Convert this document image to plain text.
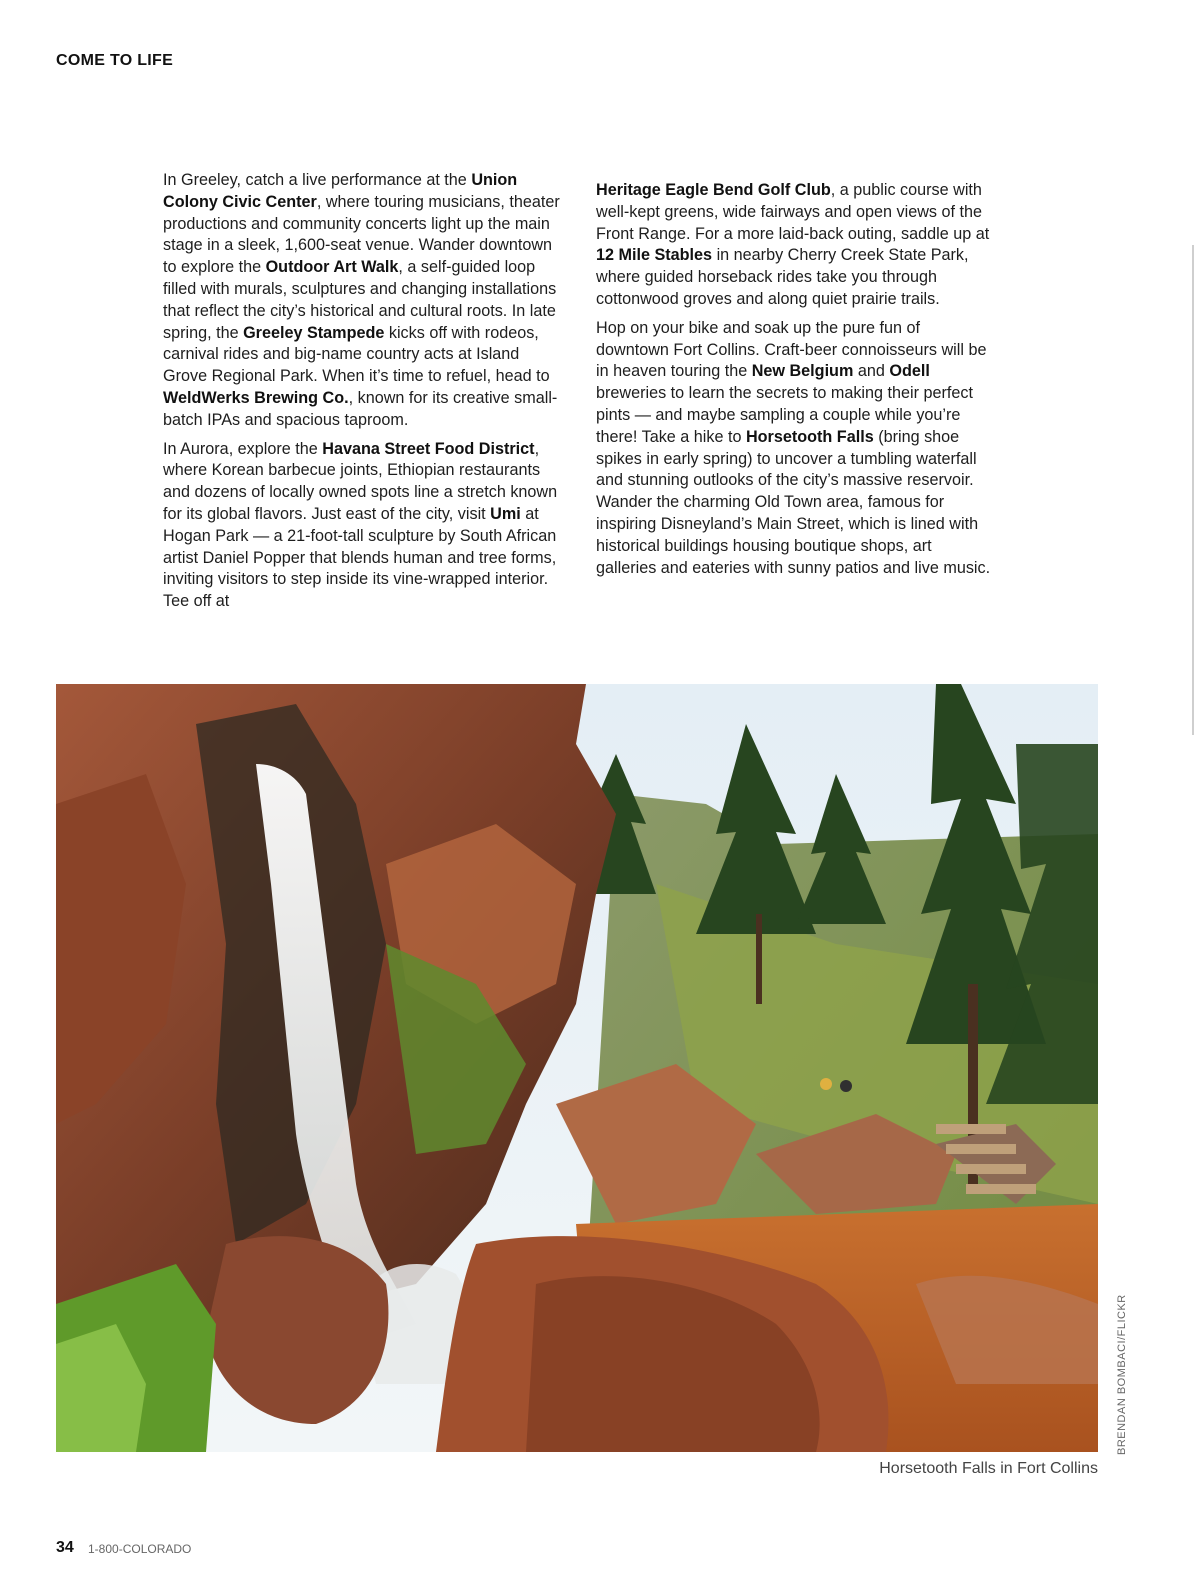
COME TO LIFE

In Greeley, catch a live performance at the Union Colony Civic Center, where touring musicians, theater productions and community concerts light up the main stage in a sleek, 1,600-seat venue. Wander downtown to explore the Outdoor Art Walk, a self-guided loop filled with murals, sculptures and changing installations that reflect the city’s historical and cultural roots. In late spring, the Greeley Stampede kicks off with rodeos, carnival rides and big-name country acts at Island Grove Regional Park. When it’s time to refuel, head to WeldWerks Brewing Co., known for its creative small-batch IPAs and spacious taproom.

In Aurora, explore the Havana Street Food District, where Korean barbecue joints, Ethiopian restaurants and dozens of locally owned spots line a stretch known for its global flavors. Just east of the city, visit Umi at Hogan Park — a 21-foot-tall sculpture by South African artist Daniel Popper that blends human and tree forms, inviting visitors to step inside its vine-wrapped interior. Tee off at

Heritage Eagle Bend Golf Club, a public course with well-kept greens, wide fairways and open views of the Front Range. For a more laid-back outing, saddle up at 12 Mile Stables in nearby Cherry Creek State Park, where guided horseback rides take you through cottonwood groves and along quiet prairie trails.

Hop on your bike and soak up the pure fun of downtown Fort Collins. Craft-beer connoisseurs will be in heaven touring the New Belgium and Odell breweries to learn the secrets to making their perfect pints — and maybe sampling a couple while you’re there! Take a hike to Horsetooth Falls (bring shoe spikes in early spring) to uncover a tumbling waterfall and stunning outlooks of the city’s massive reservoir. Wander the charming Old Town area, famous for inspiring Disneyland’s Main Street, which is lined with historical buildings housing boutique shops, art galleries and eateries with sunny patios and live music.

BRENDAN BOMBACI/FLICKR
Horsetooth Falls in Fort Collins
34 1-800-COLORADO
